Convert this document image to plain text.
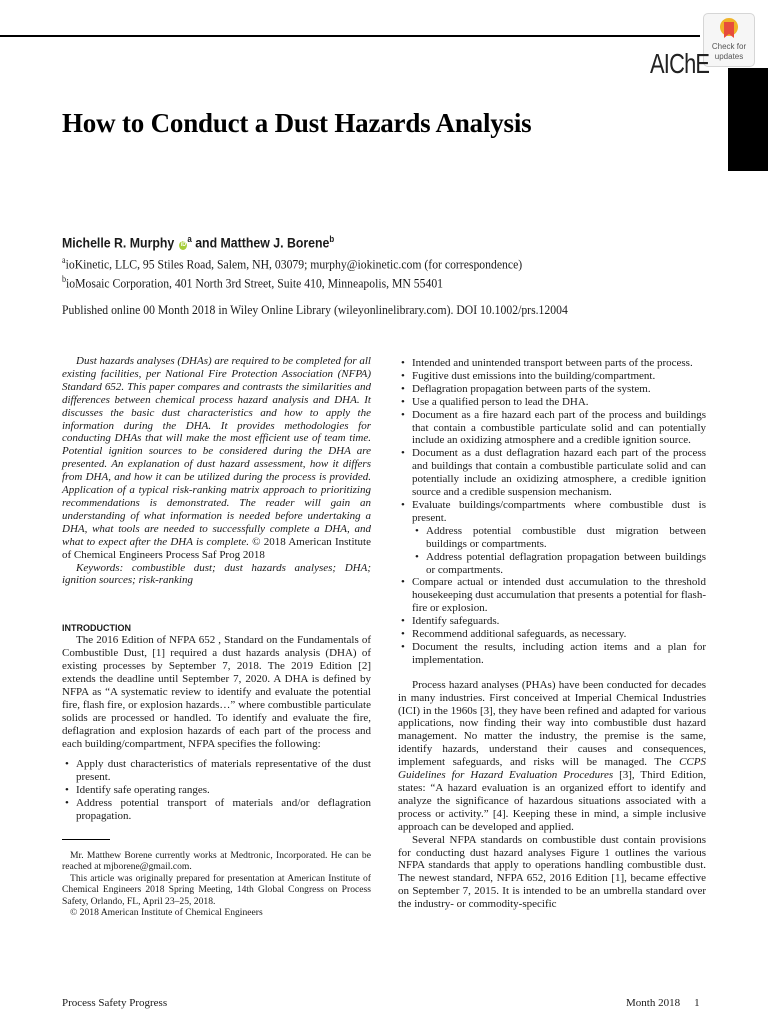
Check for
updates
AIChE
How to Conduct a Dust Hazards Analysis
Michelle R. Murphy $iD^a$ and Matthew J. Borene$^b$
$^a$ioKinetic, LLC, 95 Stiles Road, Salem, NH, 03079; murphy@iokinetic.com (for correspondence)
$^b$ioMosaic Corporation, 401 North 3rd Street, Suite 410, Minneapolis, MN 55401
Published online 00 Month 2018 in Wiley Online Library (wileyonlinelibrary.com). DOI 10.1002/prs.12004

Dust hazards analyses (DHAs) are required to be completed for all existing facilities, per National Fire Protection Association (NFPA) Standard 652. This paper compares and contrasts the similarities and differences between chemical process hazard analysis and DHA. It discusses the basic dust characteristics and how to apply the information during the DHA. It provides methodologies for conducting DHAs that will make the most efficient use of team time. Potential ignition sources to be considered during the DHA are presented. An explanation of dust hazard assessment, how it differs from DHA, and how it can be utilized during the process is provided. Application of a typical risk-ranking matrix approach to prioritizing recommendations is demonstrated. The reader will gain an understanding of what information is needed before undertaking a DHA, what tools are needed to successfully complete a DHA, and what to expect after the DHA is complete. © 2018 American Institute of Chemical Engineers Process Saf Prog 2018

Keywords: combustible dust; dust hazards analyses; DHA; ignition sources; risk-ranking

INTRODUCTION

The 2016 Edition of NFPA 652 , Standard on the Fundamentals of Combustible Dust, [1] required a dust hazards analysis (DHA) of existing processes by September 7, 2018. The 2019 Edition [2] extends the deadline until September 7, 2020. A DHA is defined by NFPA as “A systematic review to identify and evaluate the potential fire, flash fire, or explosion hazards…” where combustible particulate solids are processed or handled. To identify and evaluate the fire, deflagration and explosion hazards of each part of the process and each building/compartment, NFPA specifies the following:

• Apply dust characteristics of materials representative of the dust present.
• Identify safe operating ranges.
• Address potential transport of materials and/or deflagration propagation.

Mr. Matthew Borene currently works at Medtronic, Incorporated. He can be reached at mjborene@gmail.com.

This article was originally prepared for presentation at American Institute of Chemical Engineers 2018 Spring Meeting, 14th Global Congress on Process Safety, Orlando, FL, April 23–25, 2018.

© 2018 American Institute of Chemical Engineers

• Intended and unintended transport between parts of the process.
• Fugitive dust emissions into the building/compartment.
• Deflagration propagation between parts of the system.
• Use a qualified person to lead the DHA.
• Document as a fire hazard each part of the process and buildings that contain a combustible particulate solid and can potentially include an oxidizing atmosphere and a credible ignition source.
• Document as a dust deflagration hazard each part of the process and buildings that contain a combustible particulate solid and can potentially include an oxidizing atmosphere, a credible ignition source and a credible suspension mechanism.
• Evaluate buildings/compartments where combustible dust is present.
• Address potential combustible dust migration between buildings or compartments.
• Address potential deflagration propagation between buildings or compartments.
• Compare actual or intended dust accumulation to the threshold housekeeping dust accumulation that presents a potential for flash-fire or explosion.
• Identify safeguards.
• Recommend additional safeguards, as necessary.
• Document the results, including action items and a plan for implementation.

Process hazard analyses (PHAs) have been conducted for decades in many industries. First conceived at Imperial Chemical Industries (ICI) in the 1960s [3], they have been refined and adapted for various applications, now finding their way into combustible dust hazard management. No matter the industry, the premise is the same, identify hazards, understand their causes and consequences, implement safeguards, and risks will be managed. The CCPS Guidelines for Hazard Evaluation Procedures [3], Third Edition, states: “A hazard evaluation is an organized effort to identify and analyze the significance of hazardous situations associated with a process or activity.” [4]. Keeping these in mind, a simple inclusive approach can be developed and applied.

Several NFPA standards on combustible dust contain provisions for conducting dust hazard analyses Figure 1 outlines the various NFPA standards that apply to operations handling combustible dust. The newest standard, NFPA 652, 2016 Edition [1], became effective on September 7, 2015. It is intended to be an umbrella standard over the industry- or commodity-specific

Process Safety Progress	Month 2018 1
